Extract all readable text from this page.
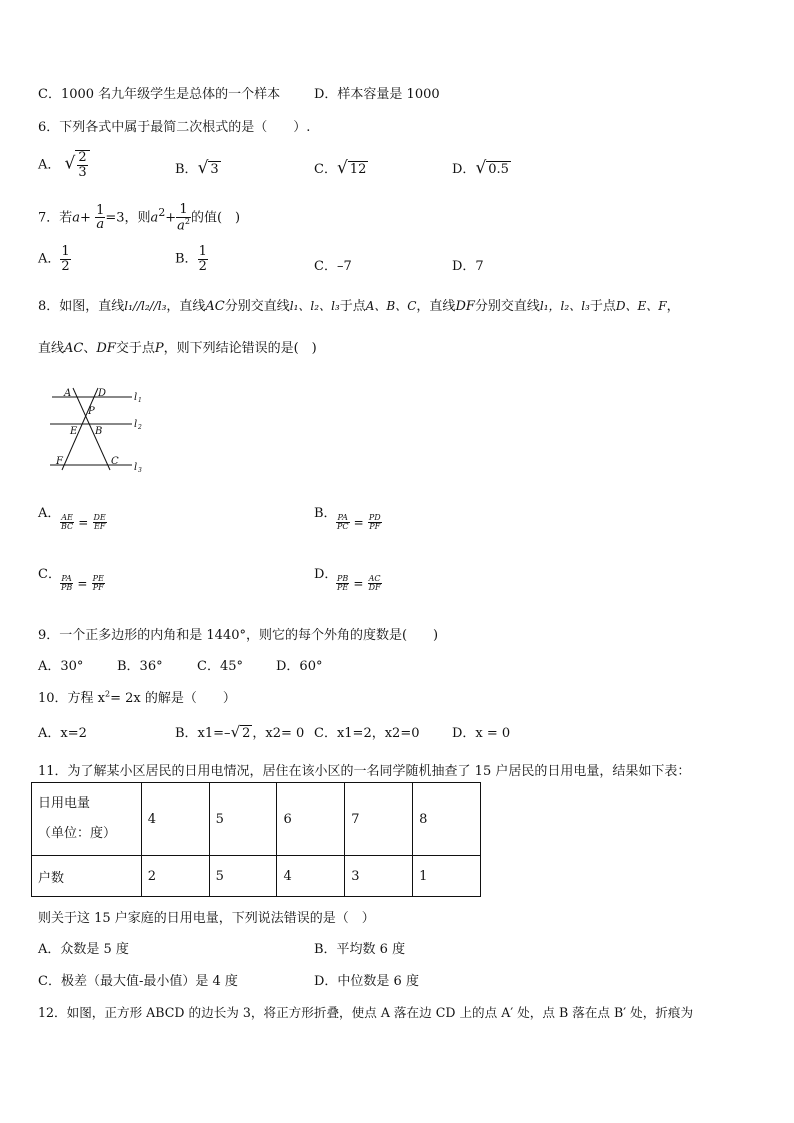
C．1000 名九年级学生是总体的一个样本	D．样本容量是 1000
6．下列各式中属于最简二次根式的是（　　）.
A． √ $\frac{2}{3}$	B．√ 3	C．√ 12	D．√ 0.5
7．若$a+ \frac{1}{a} =3$，则$a^2+ \frac{1}{a^2}$ 的值(　)
A． $\frac{1}{2}$	B． $\frac{1}{2}$	C．–7	D．7
8．如图，直线l₁//l₂//l₃，直线AC分别交直线l₁、l₂、l₃于点A、B、C，直线DF分别交直线l₁，l₂、l₃于点D、E、F，
直线AC、DF交于点P，则下列结论错误的是(　)
A	D
P
E B
F	C
l 1
l 2
l 3
A．
$\frac{AE}{BC} = \frac{DE}{EF}$
B．
$\frac{PA}{PC} = \frac{PD}{PF}$
C．
$\frac{PA}{PB} = \frac{PE}{PF}$
D．
$\frac{PB}{PE} = \frac{AC}{DF}$
9．一个正多边形的内角和是 1440°，则它的每个外角的度数是(　　)
A．30°	B．36°	C．45°	D．60°
10．方程 $x^2= 2x$ 的解是（　　）
A．x=2	B．x1=–√ 2 ，x2= 0 C．x1=2，x2=0	D．x = 0
11．为了解某小区居民的日用电情况，居住在该小区的一名同学随机抽查了 15 户居民的日用电量，结果如下表：
日用电量
（单位：度）	4	5	6	7	8
户数	2	5	4	3	1
则关于这 15 户家庭的日用电量，下列说法错误的是（　）
A．众数是 5 度	B．平均数 6 度
C．极差（最大值-最小值）是 4 度	D．中位数是 6 度
12．如图，正方形 ABCD 的边长为 3，将正方形折叠，使点 A 落在边 CD 上的点 A′ 处，点 B 落在点 B′ 处，折痕为
